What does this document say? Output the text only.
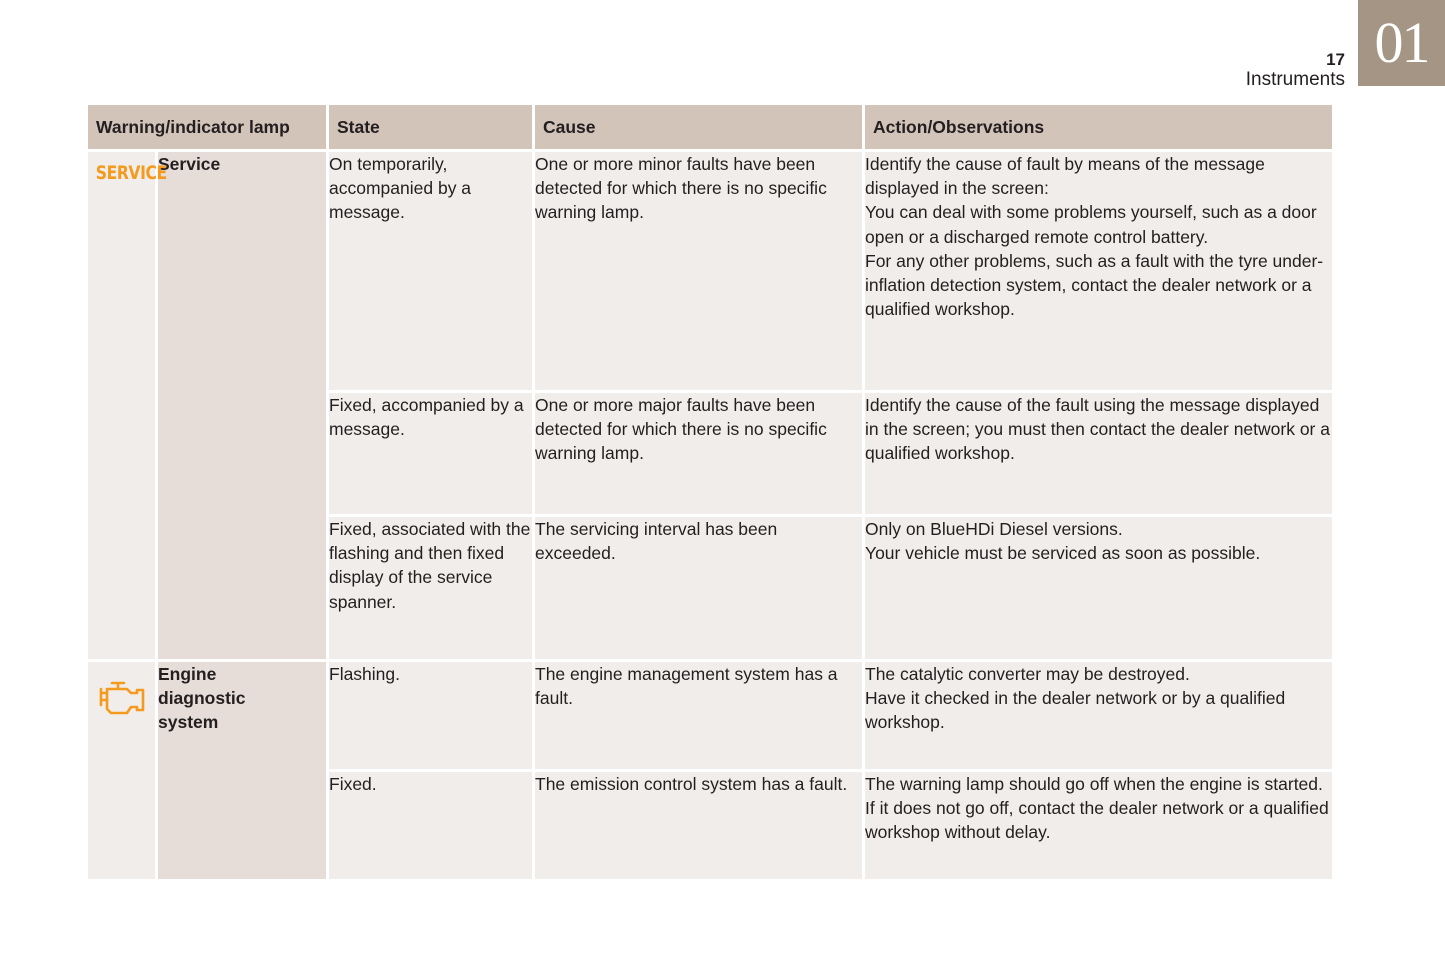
01
17
Instruments
Warning/indicator lamp		State	Cause	Action/Observations
SERVICE	Service	On temporarily, accompanied by a message.	One or more minor faults have been detected for which there is no specific warning lamp.	Identify the cause of fault by means of the message displayed in the screen:
You can deal with some problems yourself, such as a door open or a discharged remote control battery.
For any other problems, such as a fault with the tyre under-inflation detection system, contact the dealer network or a qualified workshop.

		Fixed, accompanied by a message.	One or more major faults have been detected for which there is no specific warning lamp.	Identify the cause of the fault using the message displayed in the screen; you must then contact the dealer network or a qualified workshop.

		Fixed, associated with the flashing and then fixed display of the service spanner.	The servicing interval has been exceeded.	Only on BlueHDi Diesel versions.
Your vehicle must be serviced as soon as possible.

	Engine diagnostic system	Flashing.	The engine management system has a fault.	The catalytic converter may be destroyed.
Have it checked in the dealer network or by a qualified workshop.

		Fixed.	The emission control system has a fault.	The warning lamp should go off when the engine is started.
If it does not go off, contact the dealer network or a qualified workshop without delay.
